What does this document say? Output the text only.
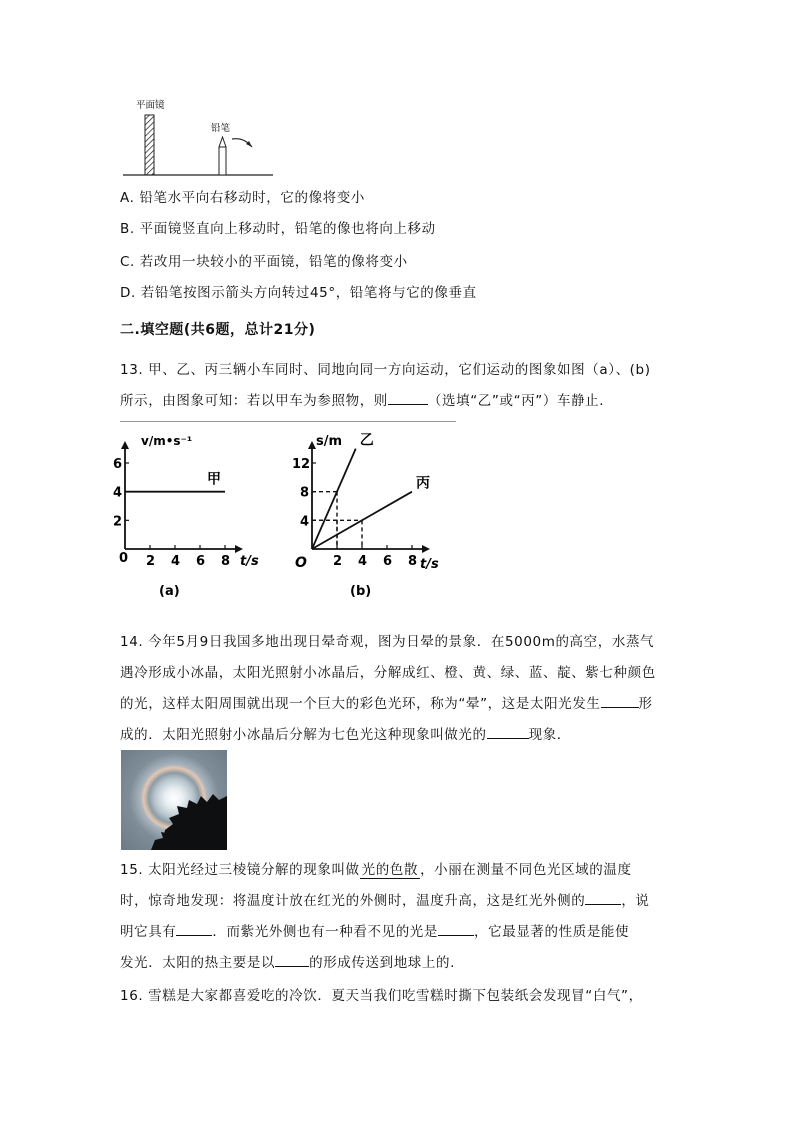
平面镜
铅笔
A. 铅笔水平向右移动时，它的像将变小
B. 平面镜竖直向上移动时，铅笔的像也将向上移动
C. 若改用一块较小的平面镜，铅笔的像将变小
D. 若铅笔按图示箭头方向转过45°，铅笔将与它的像垂直
二.填空题(共6题，总计21分)
13. 甲、乙、丙三辆小车同时、同地向同一方向运动，它们运动的图象如图（a）、(b)
所示，由图象可知：若以甲车为参照物，则	（选填“乙”或“丙”）车静止.
v/m•s⁻¹
t/s
(a)
0 2 4 6 8
6
4
2
甲
s/m
t/s
(b)
O 2 4 6 8
12
8
4
乙
丙
14. 今年5月9日我国多地出现日晕奇观，图为日晕的景象．在5000m的高空，水蒸气
遇冷形成小冰晶，太阳光照射小冰晶后，分解成红、橙、黄、绿、蓝、靛、紫七种颜色
的光，这样太阳周围就出现一个巨大的彩色光环，称为“晕”，这是太阳光发生	形
成的．太阳光照射小冰晶后分解为七色光这种现象叫做光的	现象．
15. 太阳光经过三棱镜分解的现象叫做 光的色散 ，小丽在测量不同色光区域的温度
时，惊奇地发现：将温度计放在红光的外侧时，温度升高，这是红光外侧的	，说
明它具有	．而紫光外侧也有一种看不见的光是	，它最显著的性质是能使
发光．太阳的热主要是以	的形成传送到地球上的.
16. 雪糕是大家都喜爱吃的冷饮．夏天当我们吃雪糕时撕下包装纸会发现冒“白气”，
